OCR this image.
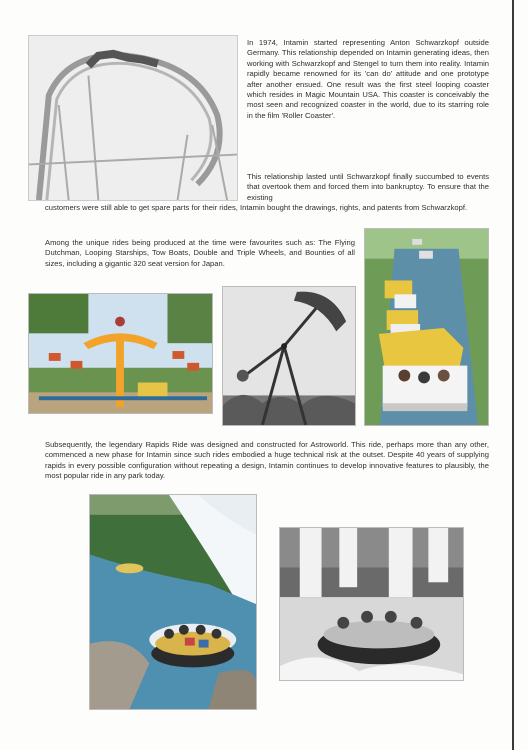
In 1974, Intamin started representing Anton Schwarzkopf outside Germany. This relationship depended on Intamin generating ideas, then working with Schwarzkopf and Stengel to turn them into reality. Intamin rapidly became renowned for its 'can do' attitude and one prototype after another ensued. One result was the first steel looping coaster which resides in Magic Mountain USA. This coaster is conceivably the most seen and recognized coaster in the world, due to its starring role in the film 'Roller Coaster'.
This relationship lasted until Schwarzkopf finally succumbed to events that overtook them and forced them into bankruptcy. To ensure that the existing
customers were still able to get spare parts for their rides, Intamin bought the drawings, rights, and patents from Schwarzkopf.
Among the unique rides being produced at the time were favourites such as: The Flying Dutchman, Looping Starships, Tow Boats, Double and Triple Wheels, and Bounties of all sizes, including a gigantic 320 seat version for Japan.
Subsequently, the legendary Rapids Ride was designed and constructed for Astroworld. This ride, perhaps more than any other, commenced a new phase for Intamin since such rides embodied a huge technical risk at the outset. Despite 40 years of supplying rapids in every possible configuration without repeating a design, Intamin continues to develop innovative features to plausibly, the most popular ride in any park today.
